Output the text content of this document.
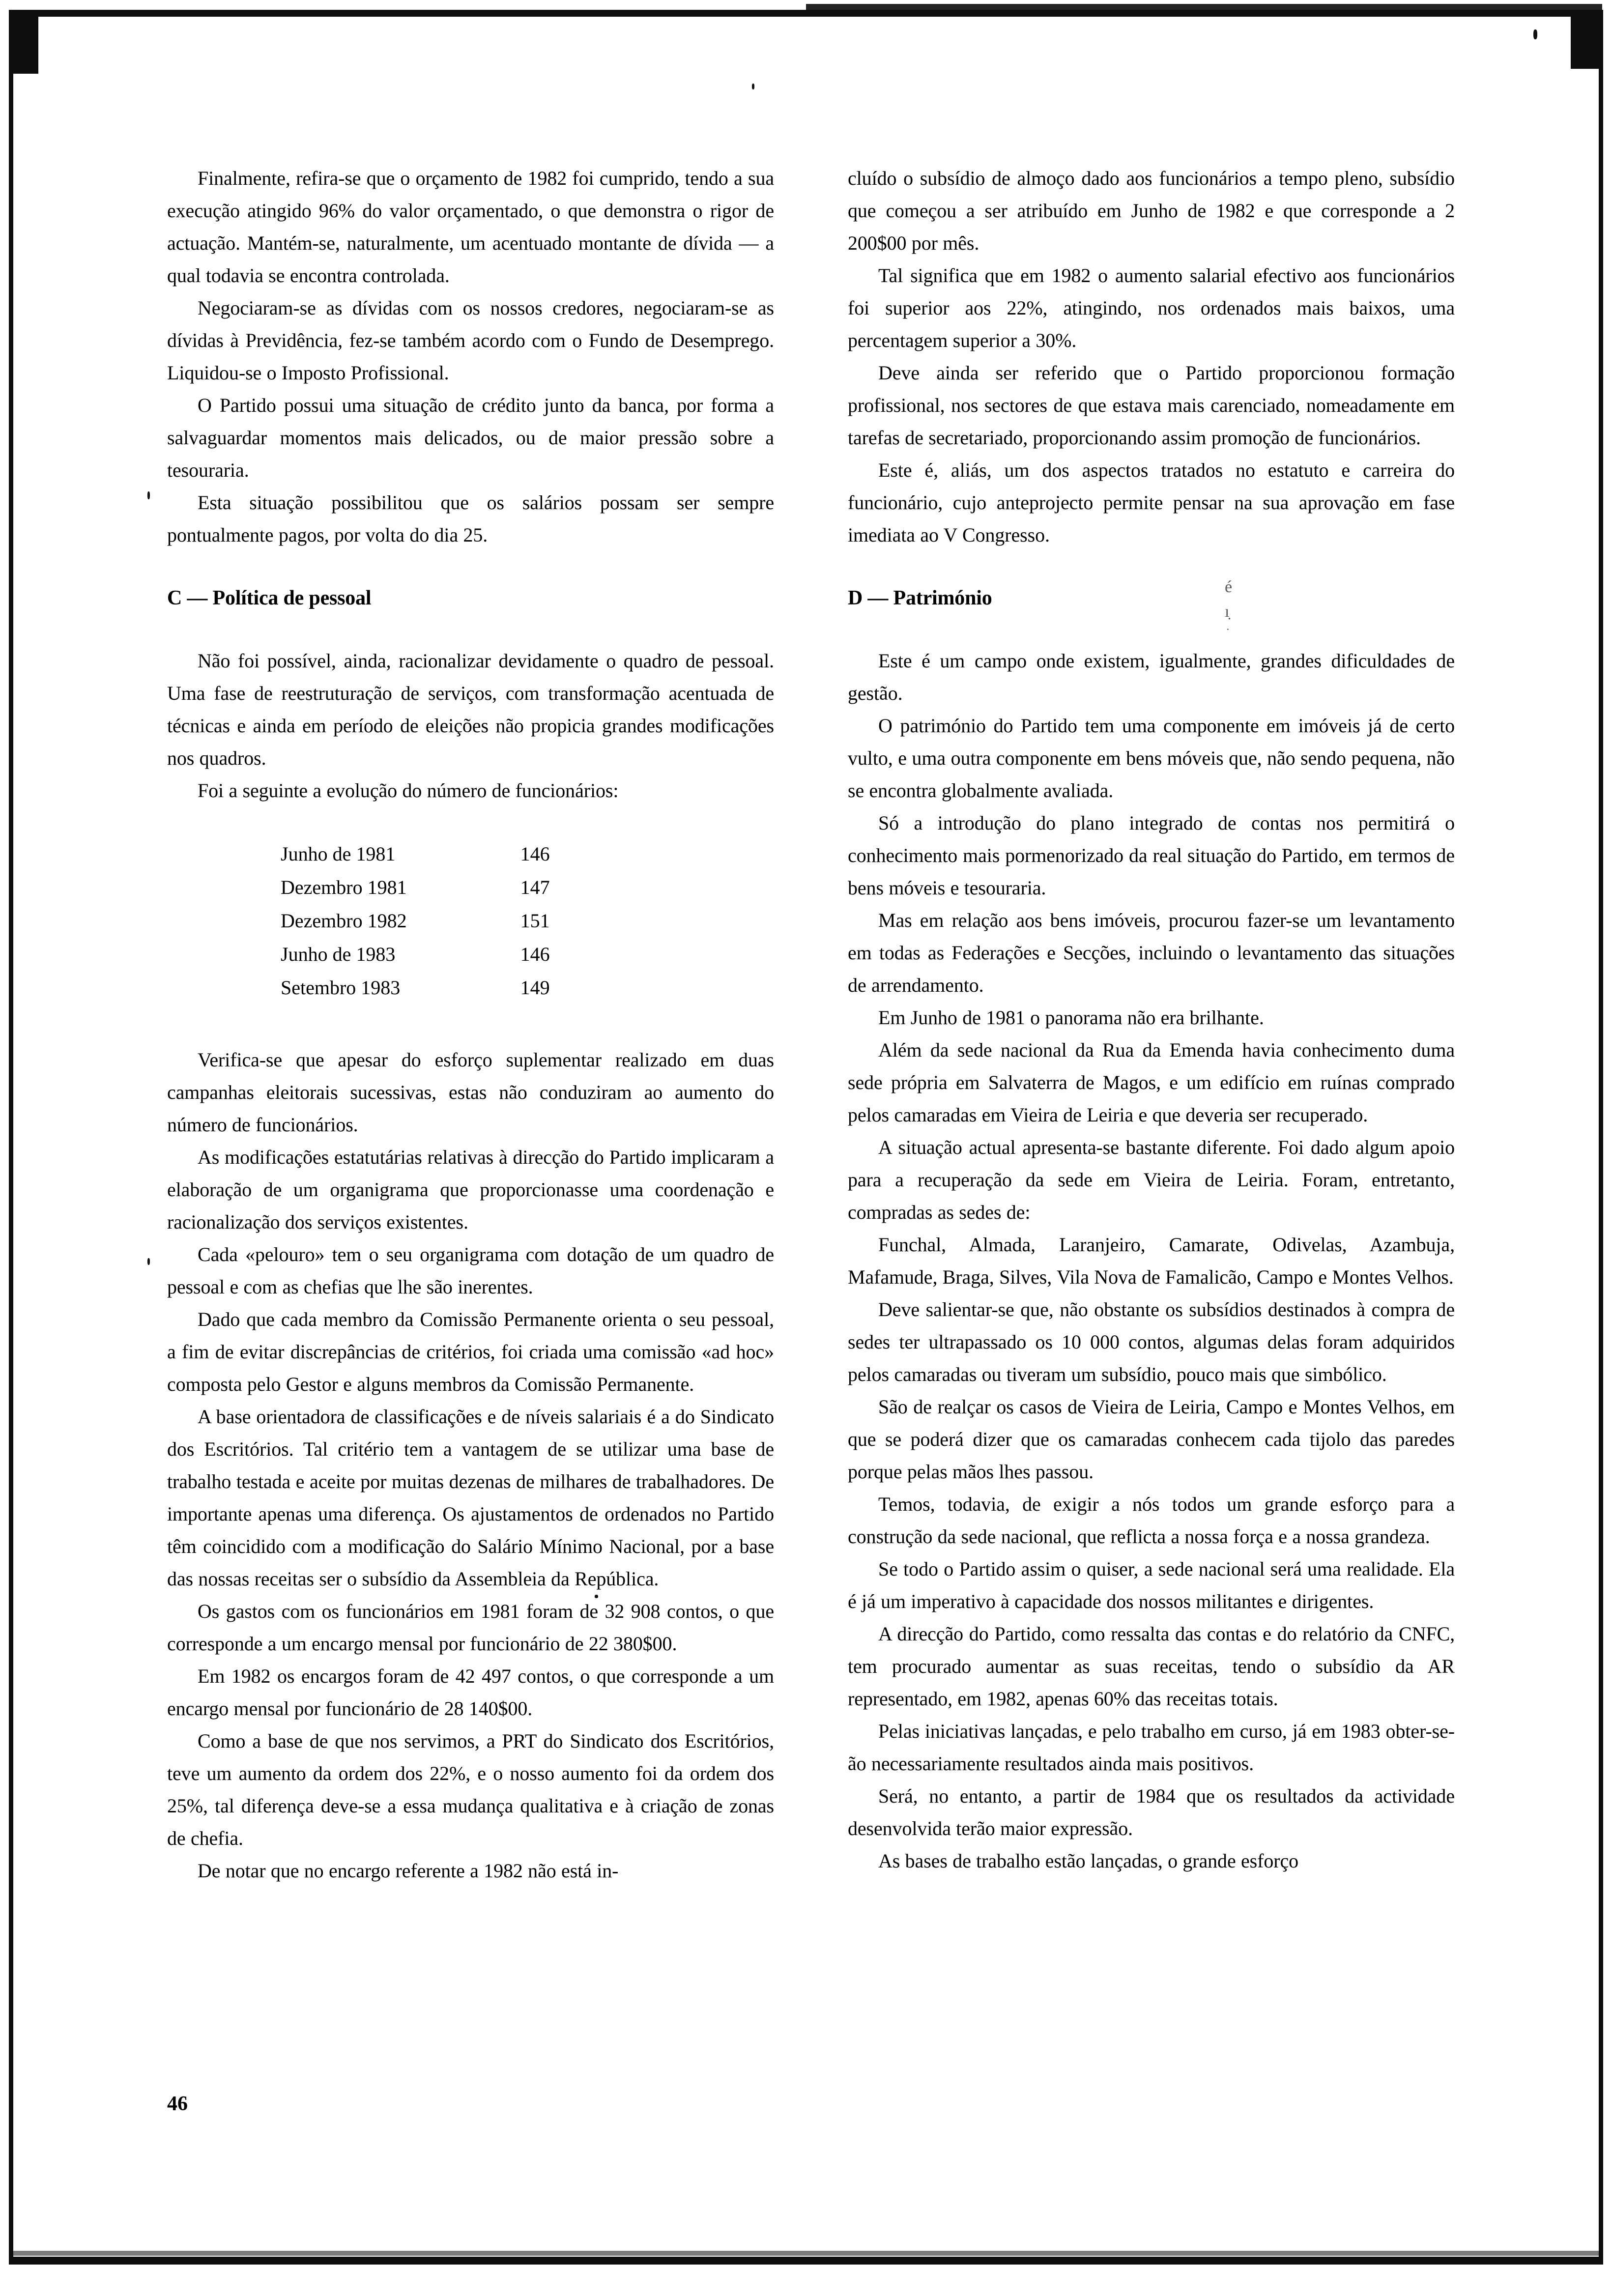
Finalmente, refira-se que o orçamento de 1982 foi cumprido, tendo a sua execução atingido 96% do valor orçamentado, o que demonstra o rigor de actuação. Mantém-se, naturalmente, um acentuado montante de dívida — a qual todavia se encontra controlada.

Negociaram-se as dívidas com os nossos credores, negociaram-se as dívidas à Previdência, fez-se também acordo com o Fundo de Desemprego. Liquidou-se o Imposto Profissional.

O Partido possui uma situação de crédito junto da banca, por forma a salvaguardar momentos mais delicados, ou de maior pressão sobre a tesouraria.

Esta situação possibilitou que os salários possam ser sempre pontualmente pagos, por volta do dia 25.

C — Política de pessoal

Não foi possível, ainda, racionalizar devidamente o quadro de pessoal. Uma fase de reestruturação de serviços, com transformação acentuada de técnicas e ainda em período de eleições não propicia grandes modificações nos quadros.

Foi a seguinte a evolução do número de funcionários:

Junho de 1981	146
Dezembro 1981	147
Dezembro 1982	151
Junho de 1983	146
Setembro 1983	149

Verifica-se que apesar do esforço suplementar realizado em duas campanhas eleitorais sucessivas, estas não conduziram ao aumento do número de funcionários.

As modificações estatutárias relativas à direcção do Partido implicaram a elaboração de um organigrama que proporcionasse uma coordenação e racionalização dos serviços existentes.

Cada «pelouro» tem o seu organigrama com dotação de um quadro de pessoal e com as chefias que lhe são inerentes.

Dado que cada membro da Comissão Permanente orienta o seu pessoal, a fim de evitar discrepâncias de critérios, foi criada uma comissão «ad hoc» composta pelo Gestor e alguns membros da Comissão Permanente.

A base orientadora de classificações e de níveis salariais é a do Sindicato dos Escritórios. Tal critério tem a vantagem de se utilizar uma base de trabalho testada e aceite por muitas dezenas de milhares de trabalhadores. De importante apenas uma diferença. Os ajustamentos de ordenados no Partido têm coincidido com a modificação do Salário Mínimo Nacional, por a base das nossas receitas ser o subsídio da Assembleia da República.

Os gastos com os funcionários em 1981 foram de 32 908 contos, o que corresponde a um encargo mensal por funcionário de 22 380$00.

Em 1982 os encargos foram de 42 497 contos, o que corresponde a um encargo mensal por funcionário de 28 140$00.

Como a base de que nos servimos, a PRT do Sindicato dos Escritórios, teve um aumento da ordem dos 22%, e o nosso aumento foi da ordem dos 25%, tal diferença deve-se a essa mudança qualitativa e à criação de zonas de chefia.

De notar que no encargo referente a 1982 não está in-

cluído o subsídio de almoço dado aos funcionários a tempo pleno, subsídio que começou a ser atribuído em Junho de 1982 e que corresponde a 2 200$00 por mês.

Tal significa que em 1982 o aumento salarial efectivo aos funcionários foi superior aos 22%, atingindo, nos ordenados mais baixos, uma percentagem superior a 30%.

Deve ainda ser referido que o Partido proporcionou formação profissional, nos sectores de que estava mais carenciado, nomeadamente em tarefas de secretariado, proporcionando assim promoção de funcionários.

Este é, aliás, um dos aspectos tratados no estatuto e carreira do funcionário, cujo anteprojecto permite pensar na sua aprovação em fase imediata ao V Congresso.

D — Património

Este é um campo onde existem, igualmente, grandes dificuldades de gestão.

O património do Partido tem uma componente em imóveis já de certo vulto, e uma outra componente em bens móveis que, não sendo pequena, não se encontra globalmente avaliada.

Só a introdução do plano integrado de contas nos permitirá o conhecimento mais pormenorizado da real situação do Partido, em termos de bens móveis e tesouraria.

Mas em relação aos bens imóveis, procurou fazer-se um levantamento em todas as Federações e Secções, incluindo o levantamento das situações de arrendamento.

Em Junho de 1981 o panorama não era brilhante.

Além da sede nacional da Rua da Emenda havia conhecimento duma sede própria em Salvaterra de Magos, e um edifício em ruínas comprado pelos camaradas em Vieira de Leiria e que deveria ser recuperado.

A situação actual apresenta-se bastante diferente. Foi dado algum apoio para a recuperação da sede em Vieira de Leiria. Foram, entretanto, compradas as sedes de:

Funchal, Almada, Laranjeiro, Camarate, Odivelas, Azambuja, Mafamude, Braga, Silves, Vila Nova de Famalicão, Campo e Montes Velhos.

Deve salientar-se que, não obstante os subsídios destinados à compra de sedes ter ultrapassado os 10 000 contos, algumas delas foram adquiridos pelos camaradas ou tiveram um subsídio, pouco mais que simbólico.

São de realçar os casos de Vieira de Leiria, Campo e Montes Velhos, em que se poderá dizer que os camaradas conhecem cada tijolo das paredes porque pelas mãos lhes passou.

Temos, todavia, de exigir a nós todos um grande esforço para a construção da sede nacional, que reflicta a nossa força e a nossa grandeza.

Se todo o Partido assim o quiser, a sede nacional será uma realidade. Ela é já um imperativo à capacidade dos nossos militantes e dirigentes.

A direcção do Partido, como ressalta das contas e do relatório da CNFC, tem procurado aumentar as suas receitas, tendo o subsídio da AR representado, em 1982, apenas 60% das receitas totais.

Pelas iniciativas lançadas, e pelo trabalho em curso, já em 1983 obter-se-ão necessariamente resultados ainda mais positivos.

Será, no entanto, a partir de 1984 que os resultados da actividade desenvolvida terão maior expressão.

As bases de trabalho estão lançadas, o grande esforço

é
ı̣
˙
46
